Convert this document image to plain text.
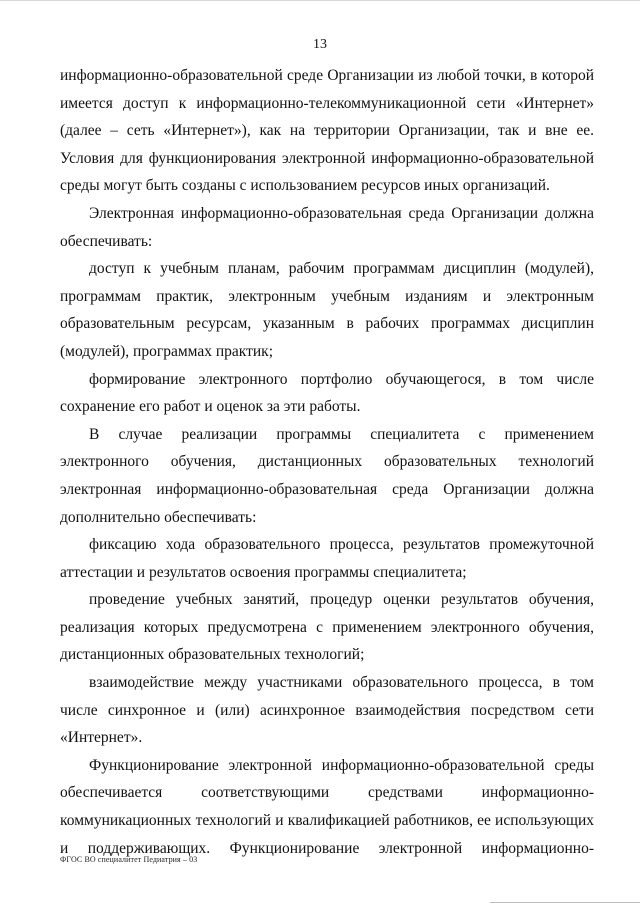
13

информационно-образовательной среде Организации из любой точки, в которой имеется доступ к информационно-телекоммуникационной сети «Интернет» (далее – сеть «Интернет»), как на территории Организации, так и вне ее. Условия для функционирования электронной информационно-образовательной среды могут быть созданы с использованием ресурсов иных организаций.

Электронная информационно-образовательная среда Организации должна обеспечивать:

доступ к учебным планам, рабочим программам дисциплин (модулей), программам практик, электронным учебным изданиям и электронным образовательным ресурсам, указанным в рабочих программах дисциплин (модулей), программах практик;

формирование электронного портфолио обучающегося, в том числе сохранение его работ и оценок за эти работы.

В случае реализации программы специалитета с применением электронного обучения, дистанционных образовательных технологий электронная информационно-образовательная среда Организации должна дополнительно обеспечивать:

фиксацию хода образовательного процесса, результатов промежуточной аттестации и результатов освоения программы специалитета;

проведение учебных занятий, процедур оценки результатов обучения, реализация которых предусмотрена с применением электронного обучения, дистанционных образовательных технологий;

взаимодействие между участниками образовательного процесса, в том числе синхронное и (или) асинхронное взаимодействия посредством сети «Интернет».

Функционирование электронной информационно-образовательной среды обеспечивается соответствующими средствами информационно-коммуникационных технологий и квалификацией работников, ее использующих и поддерживающих. Функционирование электронной информационно-

ФГОС ВО специалитет Педиатрия – 03
